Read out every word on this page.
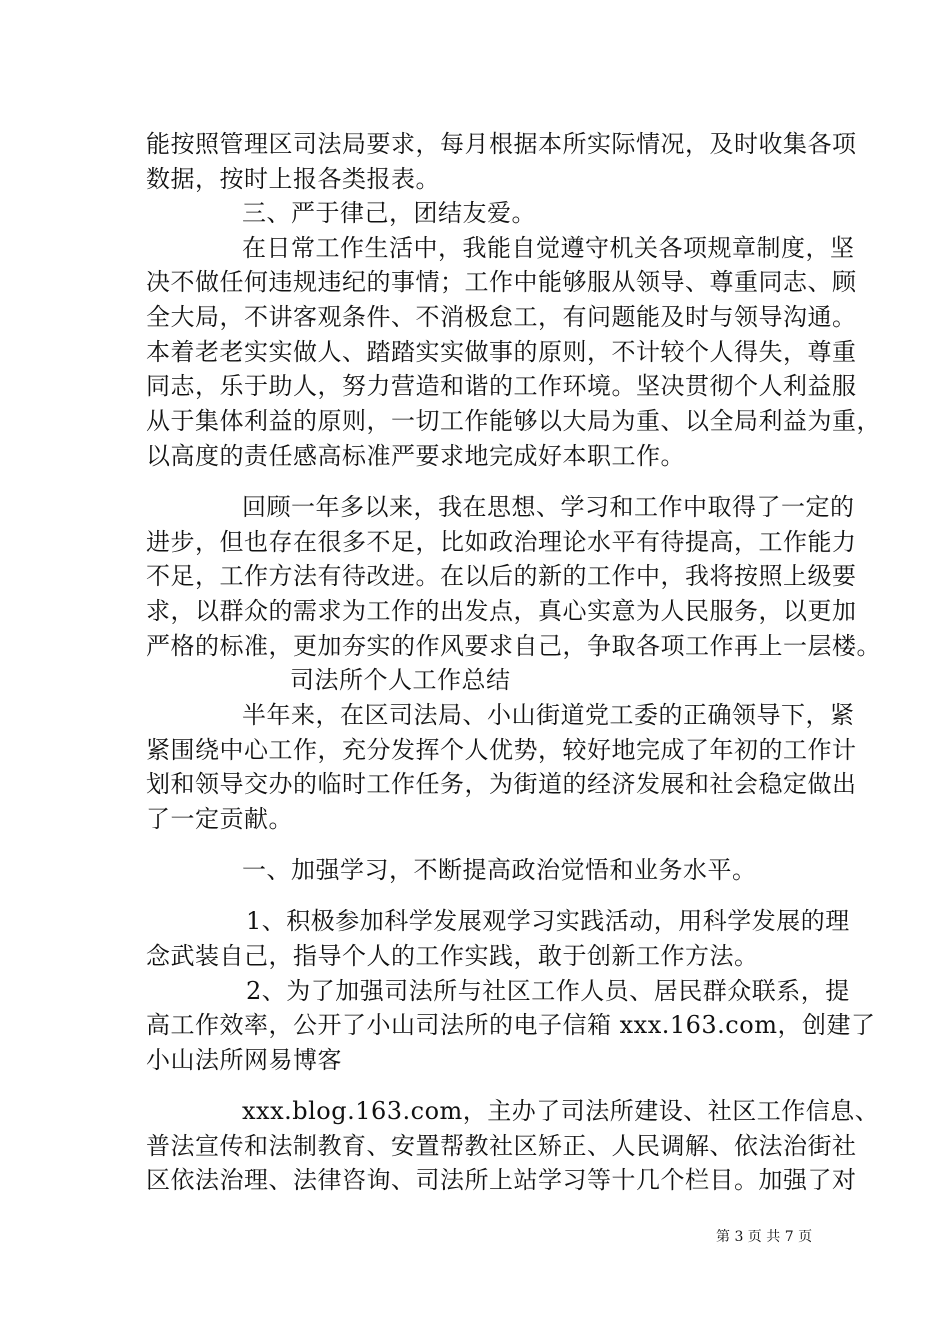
能按照管理区司法局要求，每月根据本所实际情况，及时收集各项
数据，按时上报各类报表。
三、严于律己，团结友爱。
在日常工作生活中，我能自觉遵守机关各项规章制度，坚
决不做任何违规违纪的事情；工作中能够服从领导、尊重同志、顾
全大局，不讲客观条件、不消极怠工，有问题能及时与领导沟通。
本着老老实实做人、踏踏实实做事的原则，不计较个人得失，尊重
同志，乐于助人，努力营造和谐的工作环境。坚决贯彻个人利益服
从于集体利益的原则，一切工作能够以大局为重、以全局利益为重，
以高度的责任感高标准严要求地完成好本职工作。
回顾一年多以来，我在思想、学习和工作中取得了一定的
进步，但也存在很多不足，比如政治理论水平有待提高，工作能力
不足，工作方法有待改进。在以后的新的工作中，我将按照上级要
求，以群众的需求为工作的出发点，真心实意为人民服务，以更加
严格的标准，更加夯实的作风要求自己，争取各项工作再上一层楼。
司法所个人工作总结
半年来，在区司法局、小山街道党工委的正确领导下，紧
紧围绕中心工作，充分发挥个人优势，较好地完成了年初的工作计
划和领导交办的临时工作任务，为街道的经济发展和社会稳定做出
了一定贡献。
一、加强学习，不断提高政治觉悟和业务水平。
1、积极参加科学发展观学习实践活动，用科学发展的理
念武装自己，指导个人的工作实践，敢于创新工作方法。
2、为了加强司法所与社区工作人员、居民群众联系，提
高工作效率，公开了小山司法所的电子信箱 xxx.163.com，创建了
小山法所网易博客
xxx.blog.163.com，主办了司法所建设、社区工作信息、
普法宣传和法制教育、安置帮教社区矫正、人民调解、依法治街社
区依法治理、法律咨询、司法所上站学习等十几个栏目。加强了对
第 3 页 共 7 页
